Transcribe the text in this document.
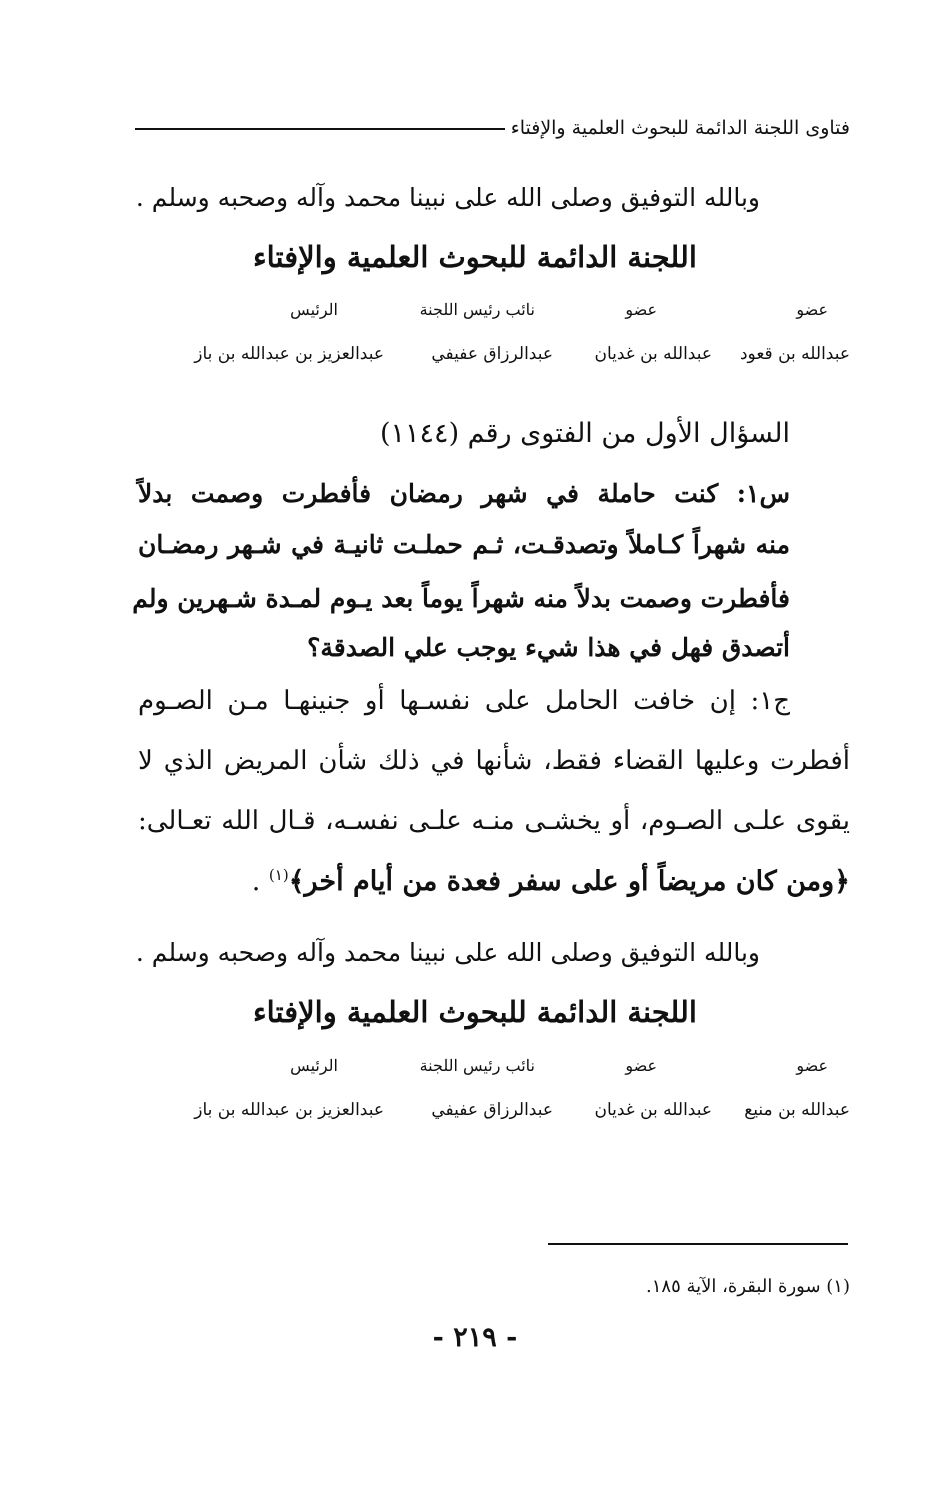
فتاوى اللجنة الدائمة للبحوث العلمية والإفتاء
وبالله التوفيق وصلى الله على نبينا محمد وآله وصحبه وسلم .
اللجنة الدائمة للبحوث العلمية والإفتاء
عضو
عضو
نائب رئيس اللجنة
الرئيس
عبدالله بن قعود
عبدالله بن غديان
عبدالرزاق عفيفي
عبدالعزيز بن عبدالله بن باز
السؤال الأول من الفتوى رقم (١١٤٤)
س١: كنت حاملة في شهر رمضان فأفطرت وصمت بدلاً
منه شهراً كـاملاً وتصدقـت، ثـم حملـت ثانيـة في شـهر رمضـان
فأفطرت وصمت بدلاً منه شهراً يوماً بعد يـوم لمـدة شـهرين ولم
أتصدق فهل في هذا شيء يوجب علي الصدقة؟
ج١: إن خافت الحامل على نفسـها أو جنينهـا مـن الصـوم
أفطرت وعليها القضاء فقط، شأنها في ذلك شأن المريض الذي لا
يقوى علـى الصـوم، أو يخشـى منـه علـى نفسـه، قـال الله تعـالى:
﴿ومن كان مريضاً أو على سفر فعدة من أيام أخر﴾$^{(١)}$ .
وبالله التوفيق وصلى الله على نبينا محمد وآله وصحبه وسلم .
اللجنة الدائمة للبحوث العلمية والإفتاء
عضو
عضو
نائب رئيس اللجنة
الرئيس
عبدالله بن منيع
عبدالله بن غديان
عبدالرزاق عفيفي
عبدالعزيز بن عبدالله بن باز
(١) سورة البقرة، الآية ١٨٥.
- ٢١٩ -
